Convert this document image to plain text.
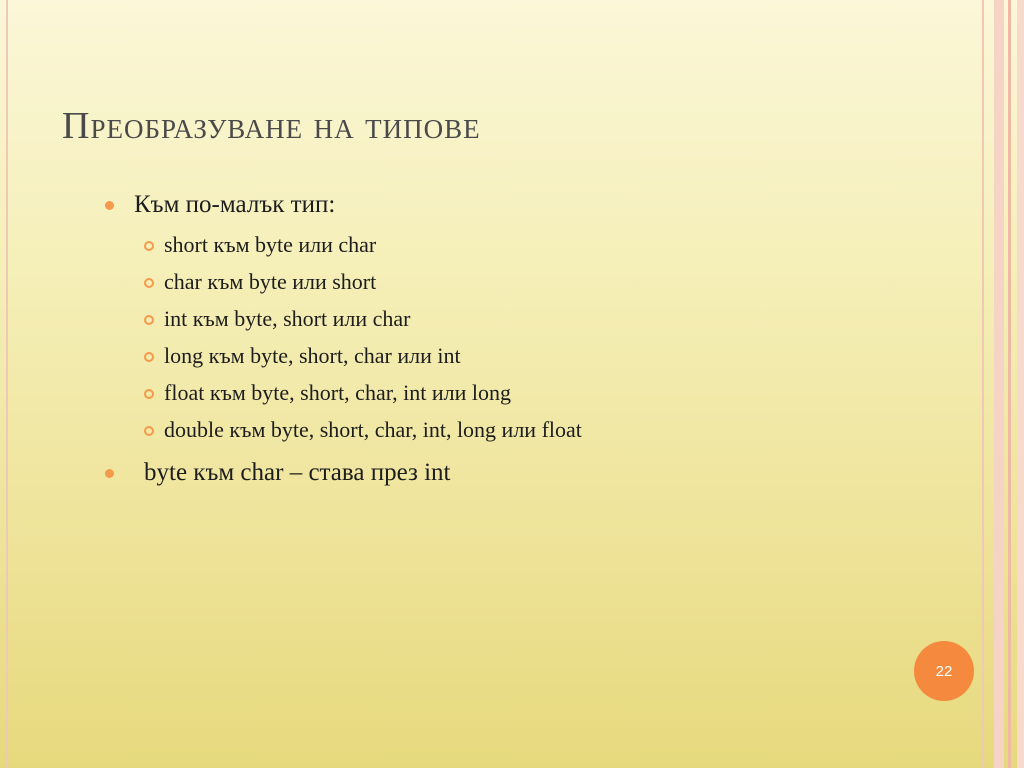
Преобразуване на типове
Към по-малък тип:
short към byte или char
char към byte или short
int към byte, short или char
long към byte, short, char или int
float към byte, short, char, int или long
double към byte, short, char, int, long или float
byte към char – става през int
22
